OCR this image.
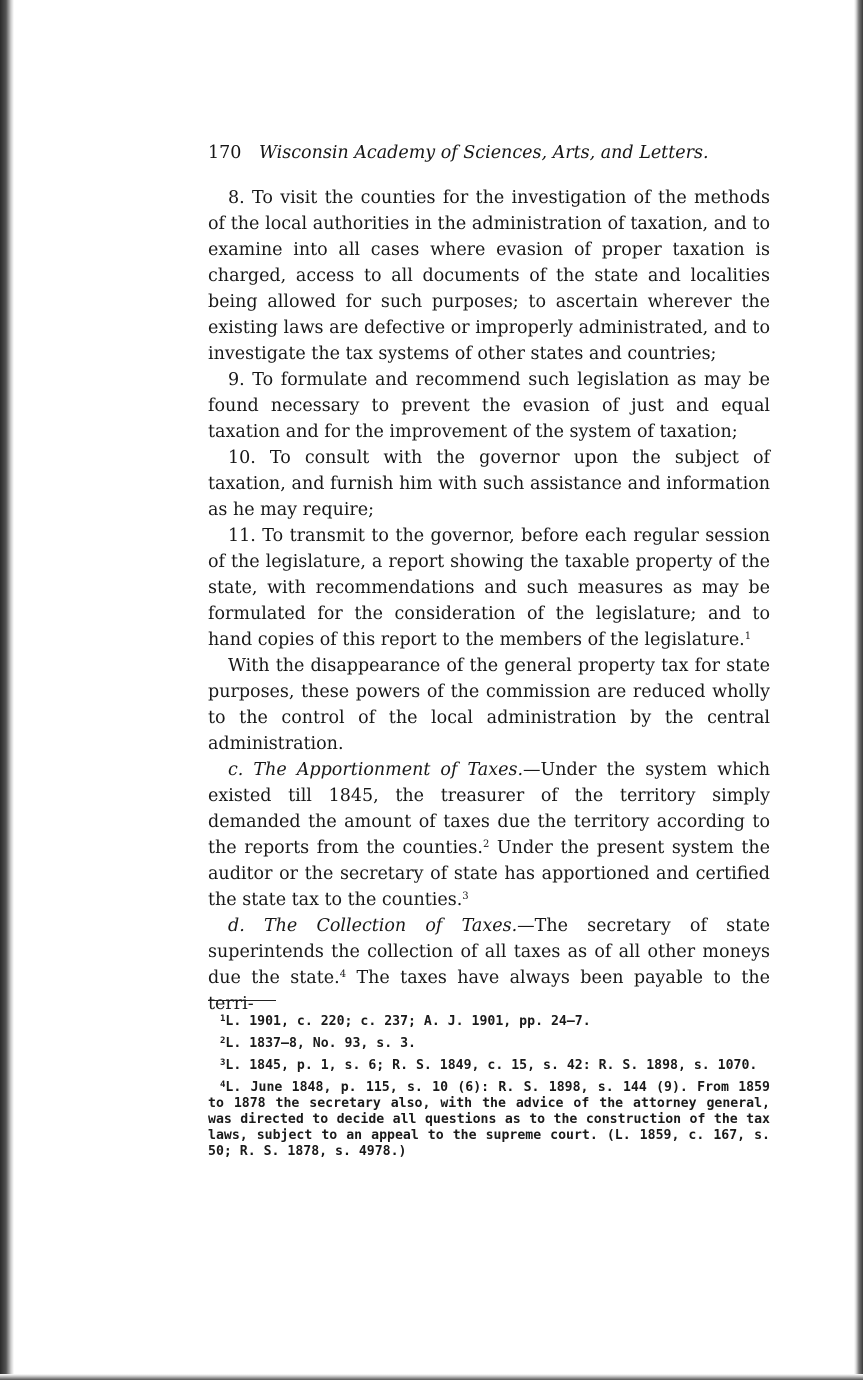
170 Wisconsin Academy of Sciences, Arts, and Letters.

8. To visit the counties for the investigation of the methods of the local authorities in the administration of taxation, and to examine into all cases where evasion of proper taxation is charged, access to all documents of the state and localities being allowed for such purposes; to ascertain wherever the existing laws are defective or improperly administrated, and to investigate the tax systems of other states and countries;

9. To formulate and recommend such legislation as may be found necessary to prevent the evasion of just and equal taxation and for the improvement of the system of taxation;

10. To consult with the governor upon the subject of taxation, and furnish him with such assistance and information as he may require;

11. To transmit to the governor, before each regular session of the legislature, a report showing the taxable property of the state, with recommendations and such measures as may be formulated for the consideration of the legislature; and to hand copies of this report to the members of the legislature.$^1$

With the disappearance of the general property tax for state purposes, these powers of the commission are reduced wholly to the control of the local administration by the central administration.

c. The Apportionment of Taxes.—Under the system which existed till 1845, the treasurer of the territory simply demanded the amount of taxes due the territory according to the reports from the counties.$^2$ Under the present system the auditor or the secretary of state has apportioned and certified the state tax to the counties.$^3$

d. The Collection of Taxes.—The secretary of state superintends the collection of all taxes as of all other moneys due the state.$^4$ The taxes have always been payable to the terri-

$^1$L. 1901, c. 220; c. 237; A. J. 1901, pp. 24–7.

$^2$L. 1837–8, No. 93, s. 3.

$^3$L. 1845, p. 1, s. 6; R. S. 1849, c. 15, s. 42: R. S. 1898, s. 1070.

$^4$L. June 1848, p. 115, s. 10 (6): R. S. 1898, s. 144 (9). From 1859 to 1878 the secretary also, with the advice of the attorney general, was directed to decide all questions as to the construction of the tax laws, subject to an appeal to the supreme court. (L. 1859, c. 167, s. 50; R. S. 1878, s. 4978.)
